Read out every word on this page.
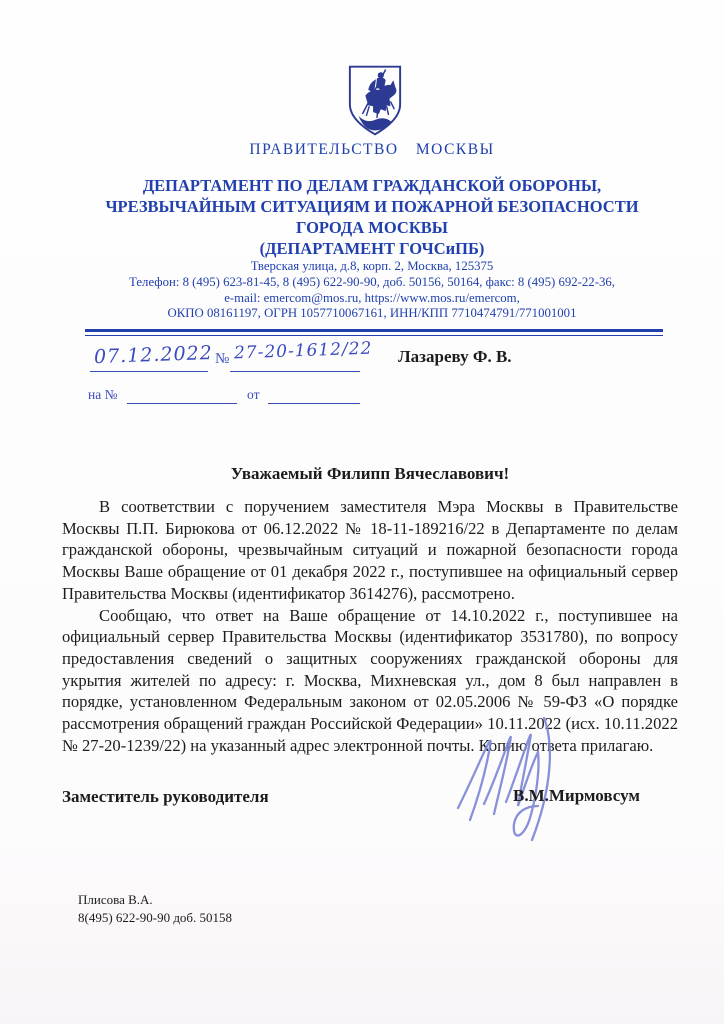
ПРАВИТЕЛЬСТВО МОСКВЫ
ДЕПАРТАМЕНТ ПО ДЕЛАМ ГРАЖДАНСКОЙ ОБОРОНЫ,
ЧРЕЗВЫЧАЙНЫМ СИТУАЦИЯМ И ПОЖАРНОЙ БЕЗОПАСНОСТИ
ГОРОДА МОСКВЫ
(ДЕПАРТАМЕНТ ГОЧСиПБ)
Тверская улица, д.8, корп. 2, Москва, 125375
Телефон: 8 (495) 623-81-45, 8 (495) 622-90-90, доб. 50156, 50164, факс: 8 (495) 692-22-36,
e-mail: emercom@mos.ru, https://www.mos.ru/emercom,
ОКПО 08161197, ОГРН 1057710067161, ИНН/КПП 7710474791/771001001
07.12.2022 № 27-20-1612/22 Лазареву Ф. В.
на №	от
Уважаемый Филипп Вячеславович!

В соответствии с поручением заместителя Мэра Москвы в Правительстве Москвы П.П. Бирюкова от 06.12.2022 № 18-11-189216/22 в Департаменте по делам гражданской обороны, чрезвычайным ситуаций и пожарной безопасности города Москвы Ваше обращение от 01 декабря 2022 г., поступившее на официальный сервер Правительства Москвы (идентификатор 3614276), рассмотрено.

Сообщаю, что ответ на Ваше обращение от 14.10.2022 г., поступившее на официальный сервер Правительства Москвы (идентификатор 3531780), по вопросу предоставления сведений о защитных сооружениях гражданской обороны для укрытия жителей по адресу: г. Москва, Михневская ул., дом 8 был направлен в порядке, установленном Федеральным законом от 02.05.2006 № 59-ФЗ «О порядке рассмотрения обращений граждан Российской Федерации» 10.11.2022 (исх. 10.11.2022 № 27-20-1239/22) на указанный адрес электронной почты. Копию ответа прилагаю.

Заместитель руководителя	В.М.Мирмовсум
Плисова В.А.
8(495) 622-90-90 доб. 50158
